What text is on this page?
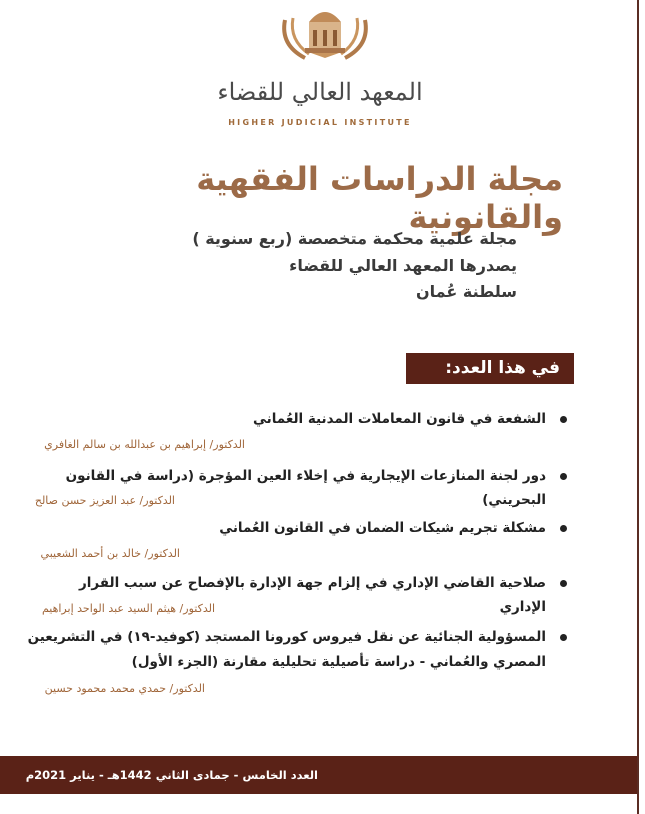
المعهد العالي للقضاء
HIGHER JUDICIAL INSTITUTE
مجلة الدراسات الفقهية والقانونية
مجلة علمية محكمة متخصصة (ربع سنوية )
يصدرها المعهد العالي للقضاء
سلطنة عُمان
في هذا العدد:
الشفعة في قانون المعاملات المدنية العُماني
الدكتور/ إبراهيم بن عبدالله بن سالم الغافري
دور لجنة المنازعات الإيجارية في إخلاء العين المؤجرة (دراسة في القانون البحريني)
الدكتور/ عبد العزيز حسن صالح
مشكلة تجريم شيكات الضمان في القانون العُماني
الدكتور/ خالد بن أحمد الشعيبي
صلاحية القاضي الإداري في إلزام جهة الإدارة بالإفصاح عن سبب القرار الإداري
الدكتور/ هيثم السيد عبد الواحد إبراهيم
المسؤولية الجنائية عن نقل فيروس كورونا المستجد (كوفيد-١٩) في التشريعين
المصري والعُماني - دراسة تأصيلية تحليلية مقارنة (الجزء الأول)
الدكتور/ حمدي محمد محمود حسين
العدد الخامس - جمادى الثاني 1442هـ - يناير 2021م
